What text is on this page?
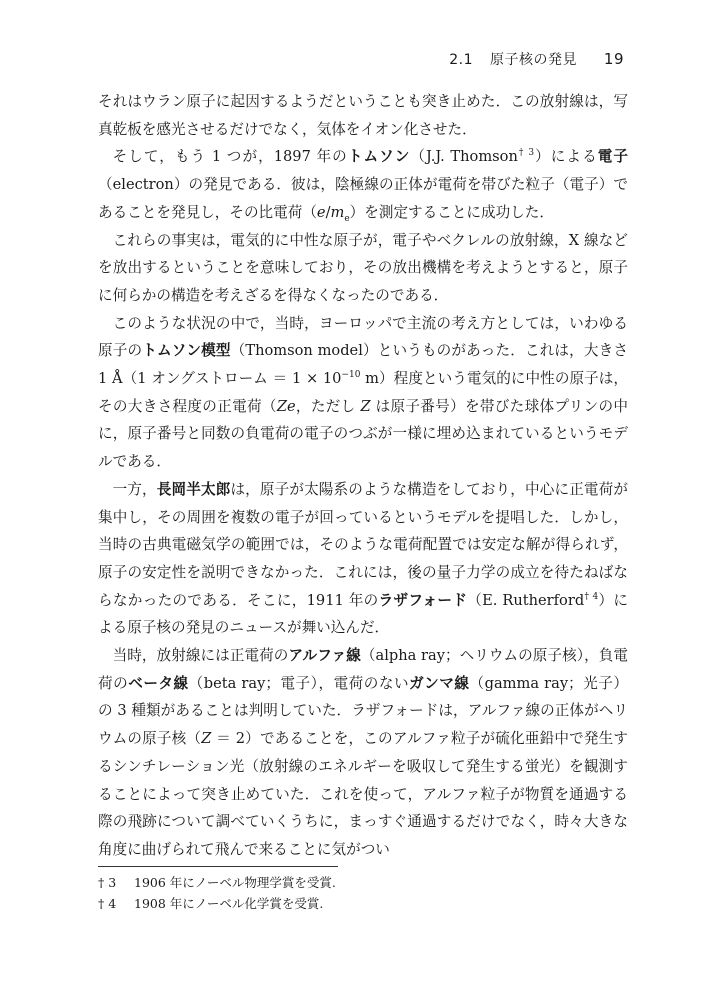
2.1 原子核の発見 19

それはウラン原子に起因するようだということも突き止めた．この放射線は，写真乾板を感光させるだけでなく，気体をイオン化させた．

そして，もう 1 つが，1897 年のトムソン（J.J. Thomson$^{\dagger 3}$）による電子（electron）の発見である．彼は，陰極線の正体が電荷を帯びた粒子（電子）であることを発見し，その比電荷$(e/m_e)$を測定することに成功した．

これらの事実は，電気的に中性な原子が，電子やベクレルの放射線，X 線などを放出するということを意味しており，その放出機構を考えようとすると，原子に何らかの構造を考えざるを得なくなったのである．

このような状況の中で，当時，ヨーロッパで主流の考え方としては，いわゆる原子のトムソン模型（Thomson model）というものがあった．これは，大きさ 1 Å（1 オングストローム ＝ $1 \times 10^{-10}$ m）程度という電気的に中性の原子は，その大きさ程度の正電荷（Ze，ただし Z は原子番号）を帯びた球体プリンの中に，原子番号と同数の負電荷の電子のつぶが一様に埋め込まれているというモデルである．

一方，長岡半太郎は，原子が太陽系のような構造をしており，中心に正電荷が集中し，その周囲を複数の電子が回っているというモデルを提唱した．しかし，当時の古典電磁気学の範囲では，そのような電荷配置では安定な解が得られず，原子の安定性を説明できなかった．これには，後の量子力学の成立を待たねばならなかったのである．そこに，1911 年のラザフォード（E. Rutherford$^{\dagger 4}$）による原子核の発見のニュースが舞い込んだ．

当時，放射線には正電荷のアルファ線（alpha ray；ヘリウムの原子核），負電荷のベータ線（beta ray；電子），電荷のないガンマ線（gamma ray；光子）の 3 種類があることは判明していた．ラザフォードは，アルファ線の正体がヘリウムの原子核（Z ＝ 2）であることを，このアルファ粒子が硫化亜鉛中で発生するシンチレーション光（放射線のエネルギーを吸収して発生する蛍光）を観測することによって突き止めていた．これを使って，アルファ粒子が物質を通過する際の飛跡について調べていくうちに，まっすぐ通過するだけでなく，時々大きな角度に曲げられて飛んで来ることに気がつい

† 3 1906 年にノーベル物理学賞を受賞.
† 4 1908 年にノーベル化学賞を受賞.
